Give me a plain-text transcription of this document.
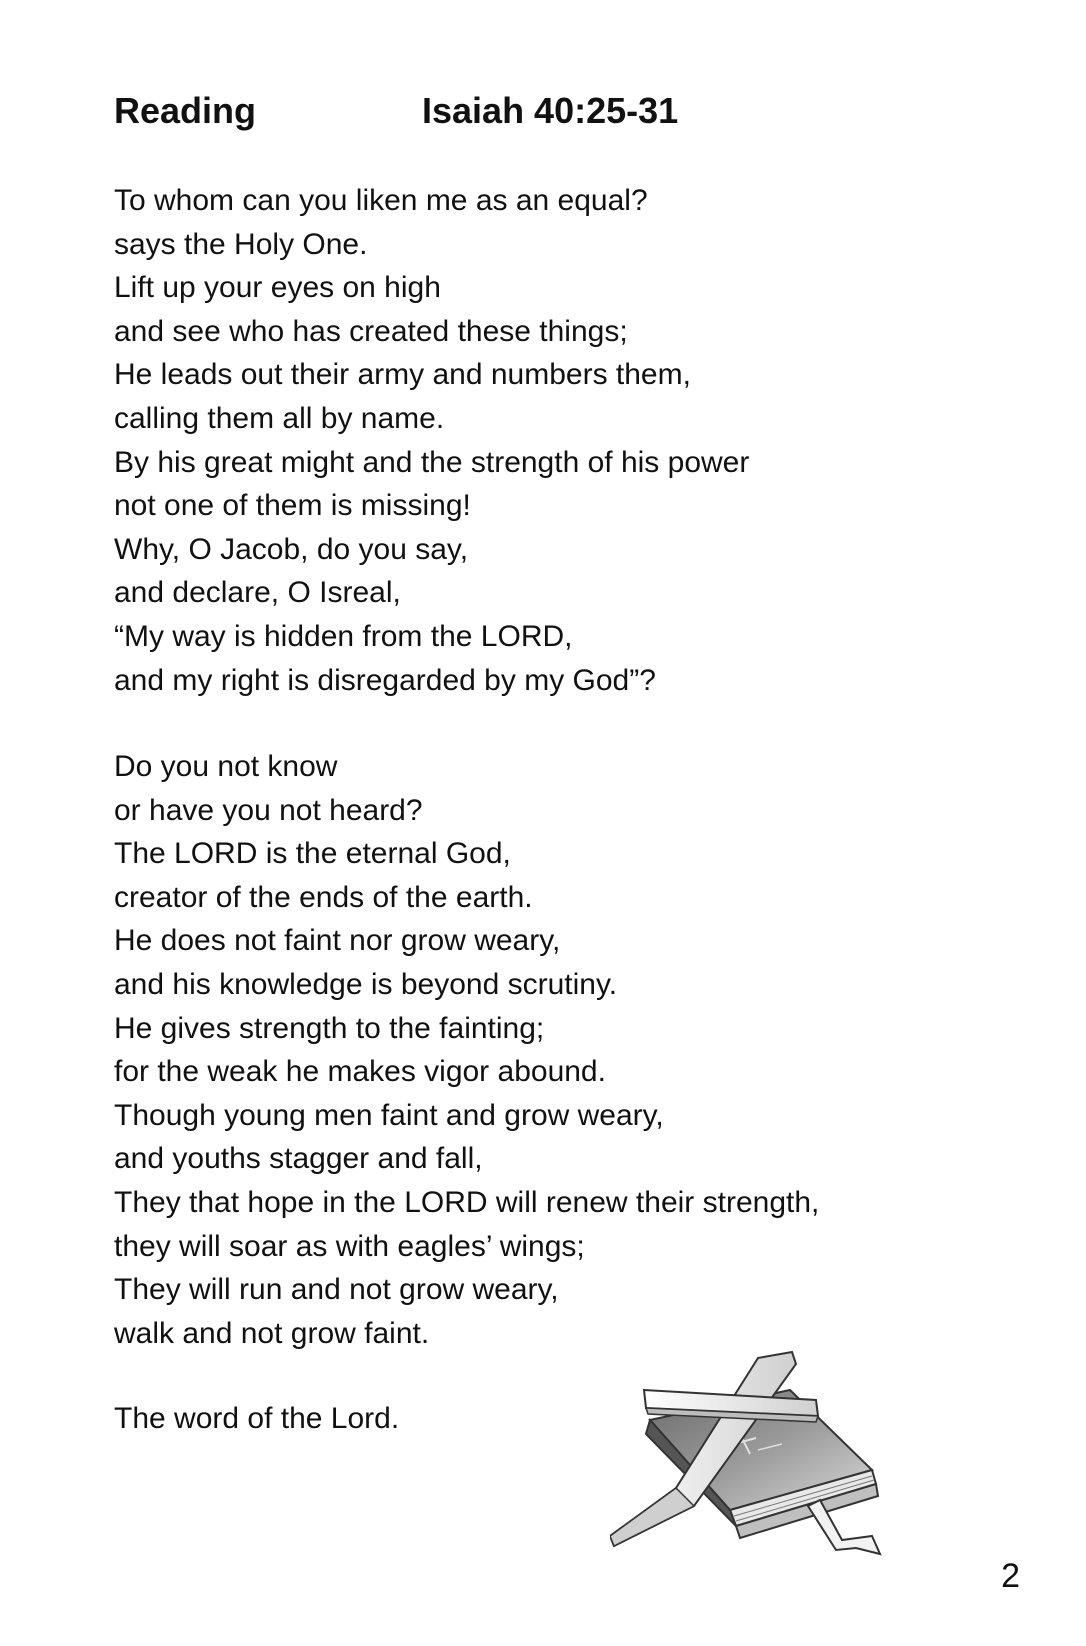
Reading	Isaiah 40:25-31
To whom can you liken me as an equal?
says the Holy One.
Lift up your eyes on high
and see who has created these things;
He leads out their army and numbers them,
calling them all by name.
By his great might and the strength of his power
not one of them is missing!
Why, O Jacob, do you say,
and declare, O Isreal,
“My way is hidden from the LORD,
and my right is disregarded by my God”?
Do you not know
or have you not heard?
The LORD is the eternal God,
creator of the ends of the earth.
He does not faint nor grow weary,
and his knowledge is beyond scrutiny.
He gives strength to the fainting;
for the weak he makes vigor abound.
Though young men faint and grow weary,
and youths stagger and fall,
They that hope in the LORD will renew their strength,
they will soar as with eagles’ wings;
They will run and not grow weary,
walk and not grow faint.
The word of the Lord.
2
